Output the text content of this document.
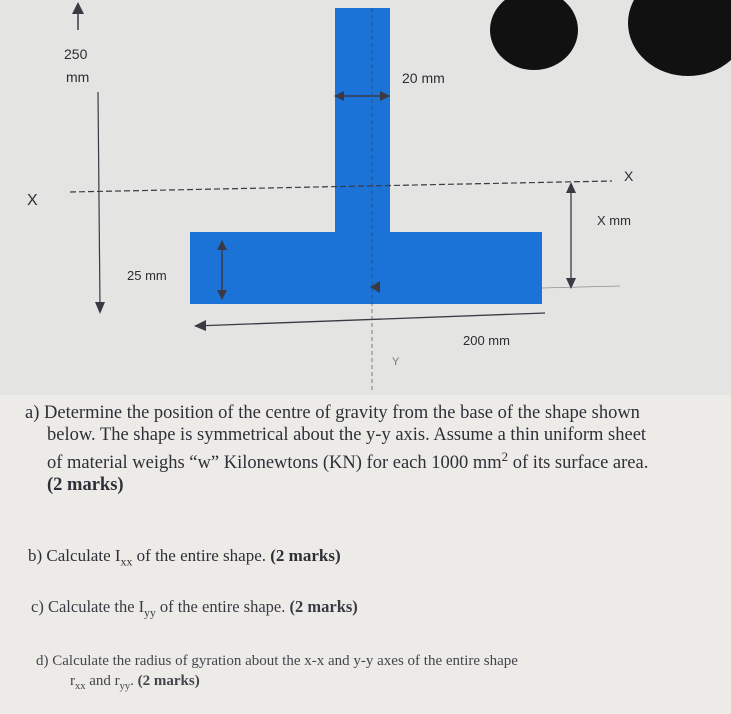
250
mm	20 mm
X
X
X mm
25 mm
200 mm
Y
a) Determine the position of the centre of gravity from the base of the shape shown
below. The shape is symmetrical about the y-y axis. Assume a thin uniform sheet
of material weighs “w” Kilonewtons (KN) for each 1000 $mm^2$ of its surface area.
(2 marks)
b) Calculate $I_{xx}$ of the entire shape. (2 marks)
c) Calculate the $I_{yy}$ of the entire shape. (2 marks)
d) Calculate the radius of gyration about the x-x and y-y axes of the entire shape
$r_{xx}$ and $r_{yy}$. (2 marks)
